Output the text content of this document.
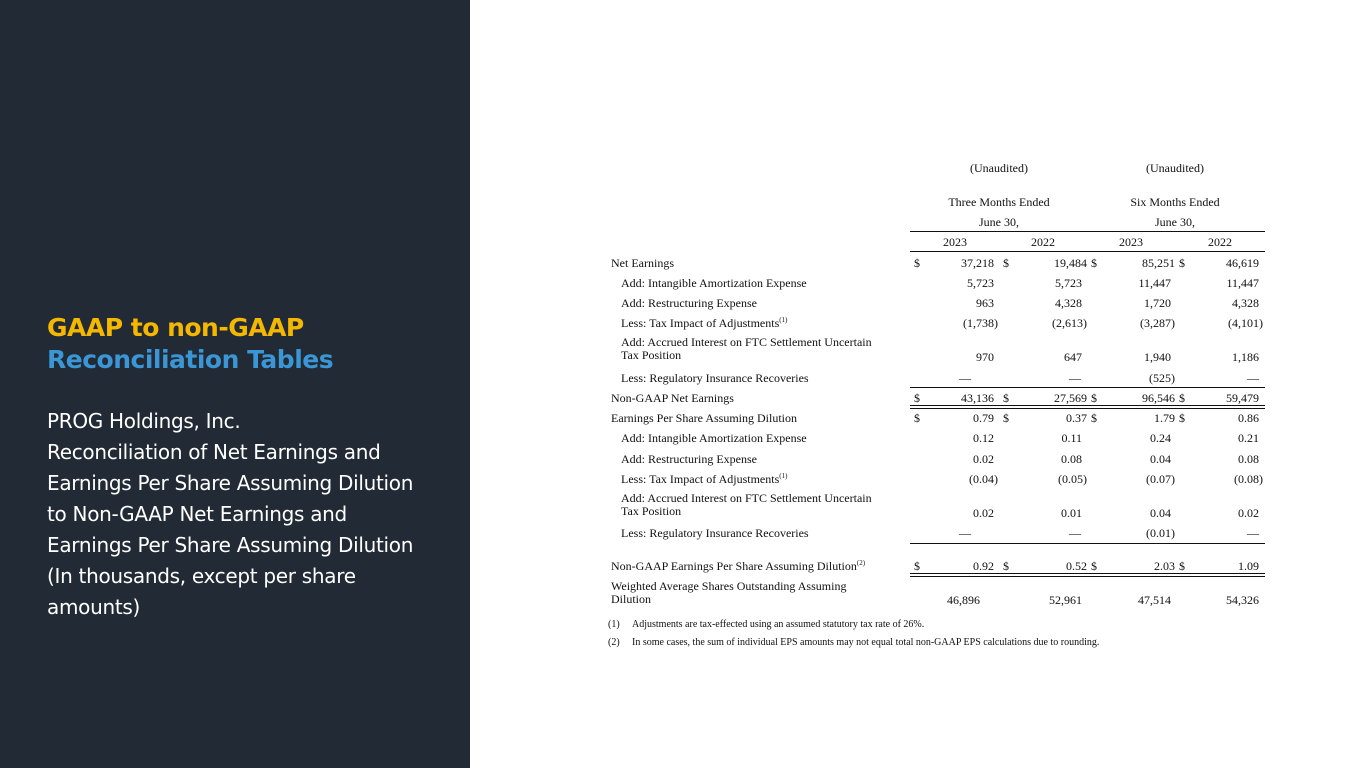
GAAP to non-GAAP
Reconciliation Tables
PROG Holdings, Inc.
Reconciliation of Net Earnings and
Earnings Per Share Assuming Dilution
to Non-GAAP Net Earnings and
Earnings Per Share Assuming Dilution
(In thousands, except per share
amounts)
(Unaudited)	(Unaudited)
Three Months Ended	Six Months Ended
June 30,	June 30,
2023	2022	2023	2022
Net Earnings	$	37,218 $	19,484 $	85,251 $	46,619
Add: Intangible Amortization Expense	5,723	5,723	11,447	11,447
Add: Restructuring Expense	963	4,328	1,720	4,328
Less: Tax Impact of Adjustments$^{(1)}$	(1,738)	(2,613)	(3,287)	(4,101)
Add: Accrued Interest on FTC Settlement Uncertain
Tax Position	970	647	1,940	1,186
Less: Regulatory Insurance Recoveries	—	—	(525)	—
Non-GAAP Net Earnings	$	43,136 $	27,569 $	96,546 $	59,479
Earnings Per Share Assuming Dilution	$	0.79 $	0.37 $	1.79 $	0.86
Add: Intangible Amortization Expense	0.12	0.11	0.24	0.21
Add: Restructuring Expense	0.02	0.08	0.04	0.08
Less: Tax Impact of Adjustments$^{(1)}$	(0.04)	(0.05)	(0.07)	(0.08)
Add: Accrued Interest on FTC Settlement Uncertain
Tax Position	0.02	0.01	0.04	0.02
Less: Regulatory Insurance Recoveries	—	—	(0.01)	—
Non-GAAP Earnings Per Share Assuming Dilution$^{(2)}$	$	0.92 $	0.52 $	2.03 $	1.09
Weighted Average Shares Outstanding Assuming
Dilution	46,896	52,961	47,514	54,326
(1) Adjustments are tax-effected using an assumed statutory tax rate of 26%.
(2) In some cases, the sum of individual EPS amounts may not equal total non-GAAP EPS calculations due to rounding.
